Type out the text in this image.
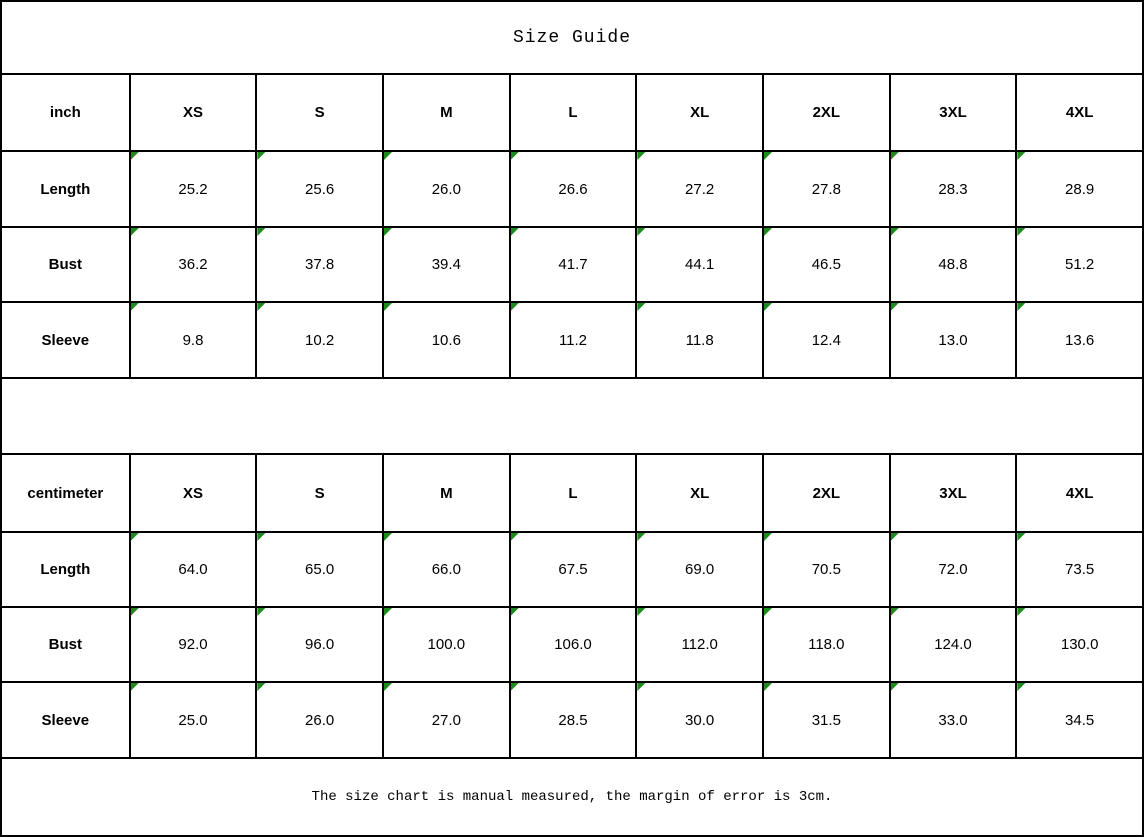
Size Guide
inch	XS	S	M	L	XL	2XL	3XL	4XL
Length	25.2	25.6	26.0	26.6	27.2	27.8	28.3	28.9
Bust	36.2	37.8	39.4	41.7	44.1	46.5	48.8	51.2
Sleeve	9.8	10.2	10.6	11.2	11.8	12.4	13.0	13.6
centimeter	XS	S	M	L	XL	2XL	3XL	4XL
Length	64.0	65.0	66.0	67.5	69.0	70.5	72.0	73.5
Bust	92.0	96.0	100.0	106.0	112.0	118.0	124.0	130.0
Sleeve	25.0	26.0	27.0	28.5	30.0	31.5	33.0	34.5
The size chart is manual measured, the margin of error is 3cm.
